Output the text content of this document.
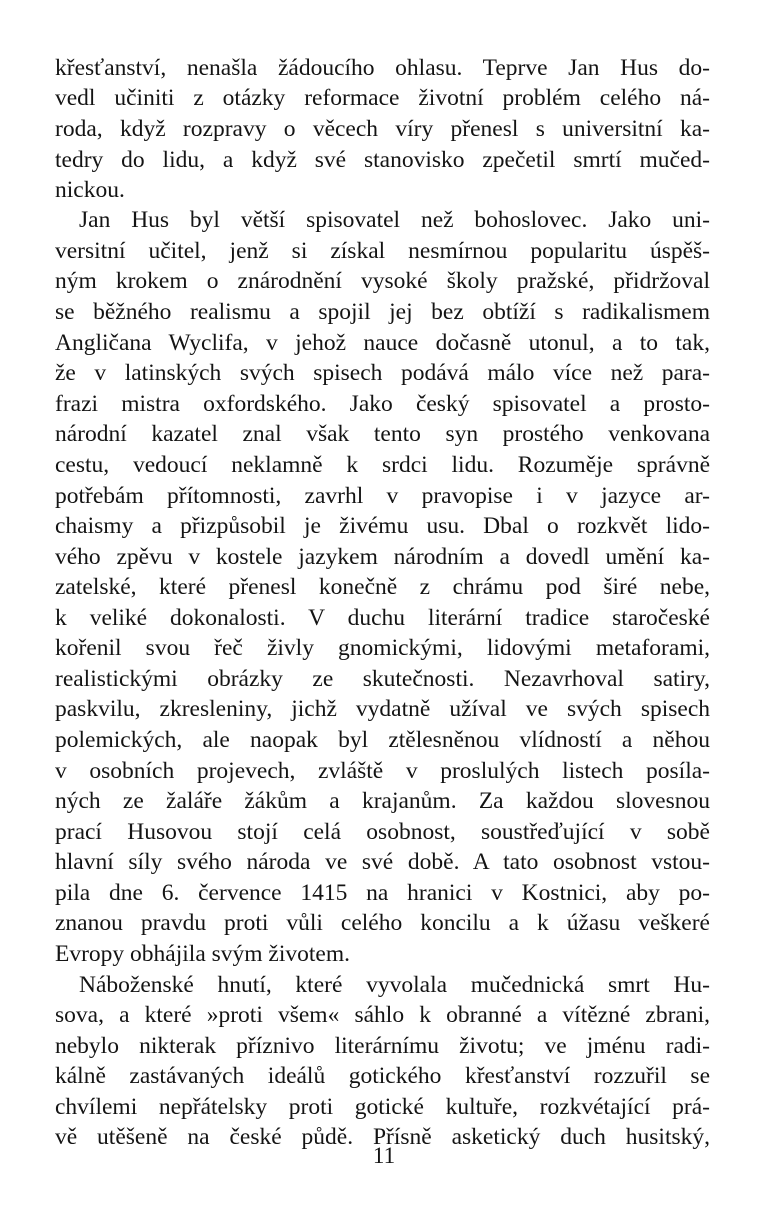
křesťanství, nenašla žádoucího ohlasu. Teprve Jan Hus do-
vedl učiniti z otázky reformace životní problém celého ná-
roda, když rozpravy o věcech víry přenesl s universitní ka-
tedry do lidu, a když své stanovisko zpečetil smrtí mučed-
nickou.
Jan Hus byl větší spisovatel než bohoslovec. Jako uni-
versitní učitel, jenž si získal nesmírnou popularitu úspěš-
ným krokem o znárodnění vysoké školy pražské, přidržoval
se běžného realismu a spojil jej bez obtíží s radikalismem
Angličana Wyclifa, v jehož nauce dočasně utonul, a to tak,
že v latinských svých spisech podává málo více než para-
frazi mistra oxfordského. Jako český spisovatel a prosto-
národní kazatel znal však tento syn prostého venkovana
cestu, vedoucí neklamně k srdci lidu. Rozuměje správně
potřebám přítomnosti, zavrhl v pravopise i v jazyce ar-
chaismy a přizpůsobil je živému usu. Dbal o rozkvět lido-
vého zpěvu v kostele jazykem národním a dovedl umění ka-
zatelské, které přenesl konečně z chrámu pod širé nebe,
k veliké dokonalosti. V duchu literární tradice staročeské
kořenil svou řeč živly gnomickými, lidovými metaforami,
realistickými obrázky ze skutečnosti. Nezavrhoval satiry,
paskvilu, zkresleniny, jichž vydatně užíval ve svých spisech
polemických, ale naopak byl ztělesněnou vlídností a něhou
v osobních projevech, zvláště v proslulých listech posíla-
ných ze žaláře žákům a krajanům. Za každou slovesnou
prací Husovou stojí celá osobnost, soustřeďující v sobě
hlavní síly svého národa ve své době. A tato osobnost vstou-
pila dne 6. července 1415 na hranici v Kostnici, aby po-
znanou pravdu proti vůli celého koncilu a k úžasu veškeré
Evropy obhájila svým životem.
Náboženské hnutí, které vyvolala mučednická smrt Hu-
sova, a které »proti všem« sáhlo k obranné a vítězné zbrani,
nebylo nikterak příznivo literárnímu životu; ve jménu radi-
kálně zastávaných ideálů gotického křesťanství rozzuřil se
chvílemi nepřátelsky proti gotické kultuře, rozkvétající prá-
vě utěšeně na české půdě. Přísně asketický duch husitský,
11
